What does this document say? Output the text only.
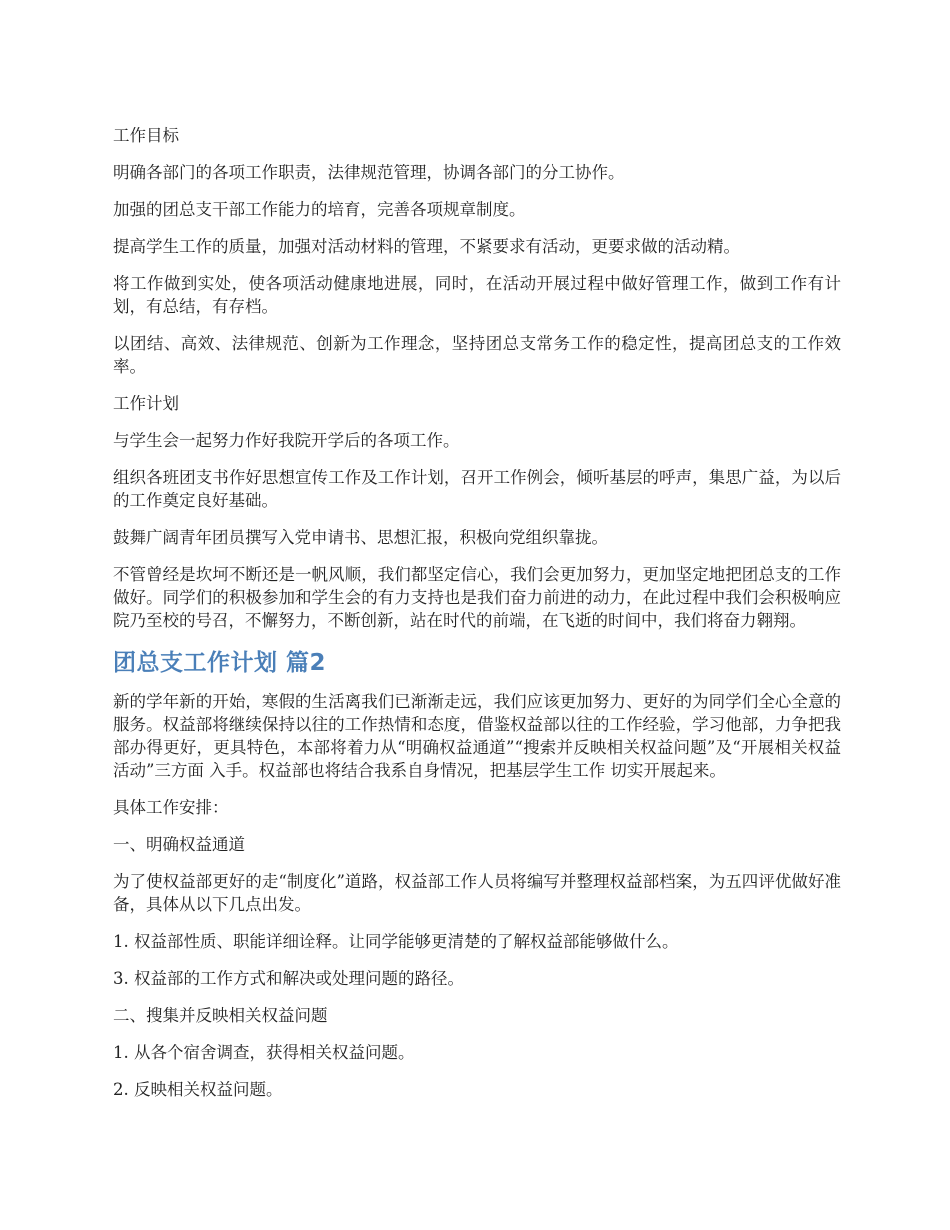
工作目标

明确各部门的各项工作职责，法律规范管理，协调各部门的分工协作。

加强的团总支干部工作能力的培育，完善各项规章制度。

提高学生工作的质量，加强对活动材料的管理，不紧要求有活动，更要求做的活动精。

将工作做到实处，使各项活动健康地进展，同时，在活动开展过程中做好管理工作，做到工作有计划，有总结，有存档。

以团结、高效、法律规范、创新为工作理念，坚持团总支常务工作的稳定性，提高团总支的工作效率。

工作计划

与学生会一起努力作好我院开学后的各项工作。

组织各班团支书作好思想宣传工作及工作计划，召开工作例会，倾听基层的呼声，集思广益，为以后的工作奠定良好基础。

鼓舞广阔青年团员撰写入党申请书、思想汇报，积极向党组织靠拢。

不管曾经是坎坷不断还是一帆风顺，我们都坚定信心，我们会更加努力，更加坚定地把团总支的工作做好。同学们的积极参加和学生会的有力支持也是我们奋力前进的动力，在此过程中我们会积极响应院乃至校的号召，不懈努力，不断创新，站在时代的前端，在飞逝的时间中，我们将奋力翱翔。

团总支工作计划 篇2

新的学年新的开始，寒假的生活离我们已渐渐走远，我们应该更加努力、更好的为同学们全心全意的服务。权益部将继续保持以往的工作热情和态度，借鉴权益部以往的工作经验，学习他部，力争把我部办得更好，更具特色，本部将着力从“明确权益通道”“搜索并反映相关权益问题”及“开展相关权益活动”三方面 入手。权益部也将结合我系自身情况，把基层学生工作 切实开展起来。

具体工作安排：

一、明确权益通道

为了使权益部更好的走“制度化”道路，权益部工作人员将编写并整理权益部档案，为五四评优做好准备，具体从以下几点出发。

1. 权益部性质、职能详细诠释。让同学能够更清楚的了解权益部能够做什么。

3. 权益部的工作方式和解决或处理问题的路径。

二、搜集并反映相关权益问题

1. 从各个宿舍调查，获得相关权益问题。

2. 反映相关权益问题。
